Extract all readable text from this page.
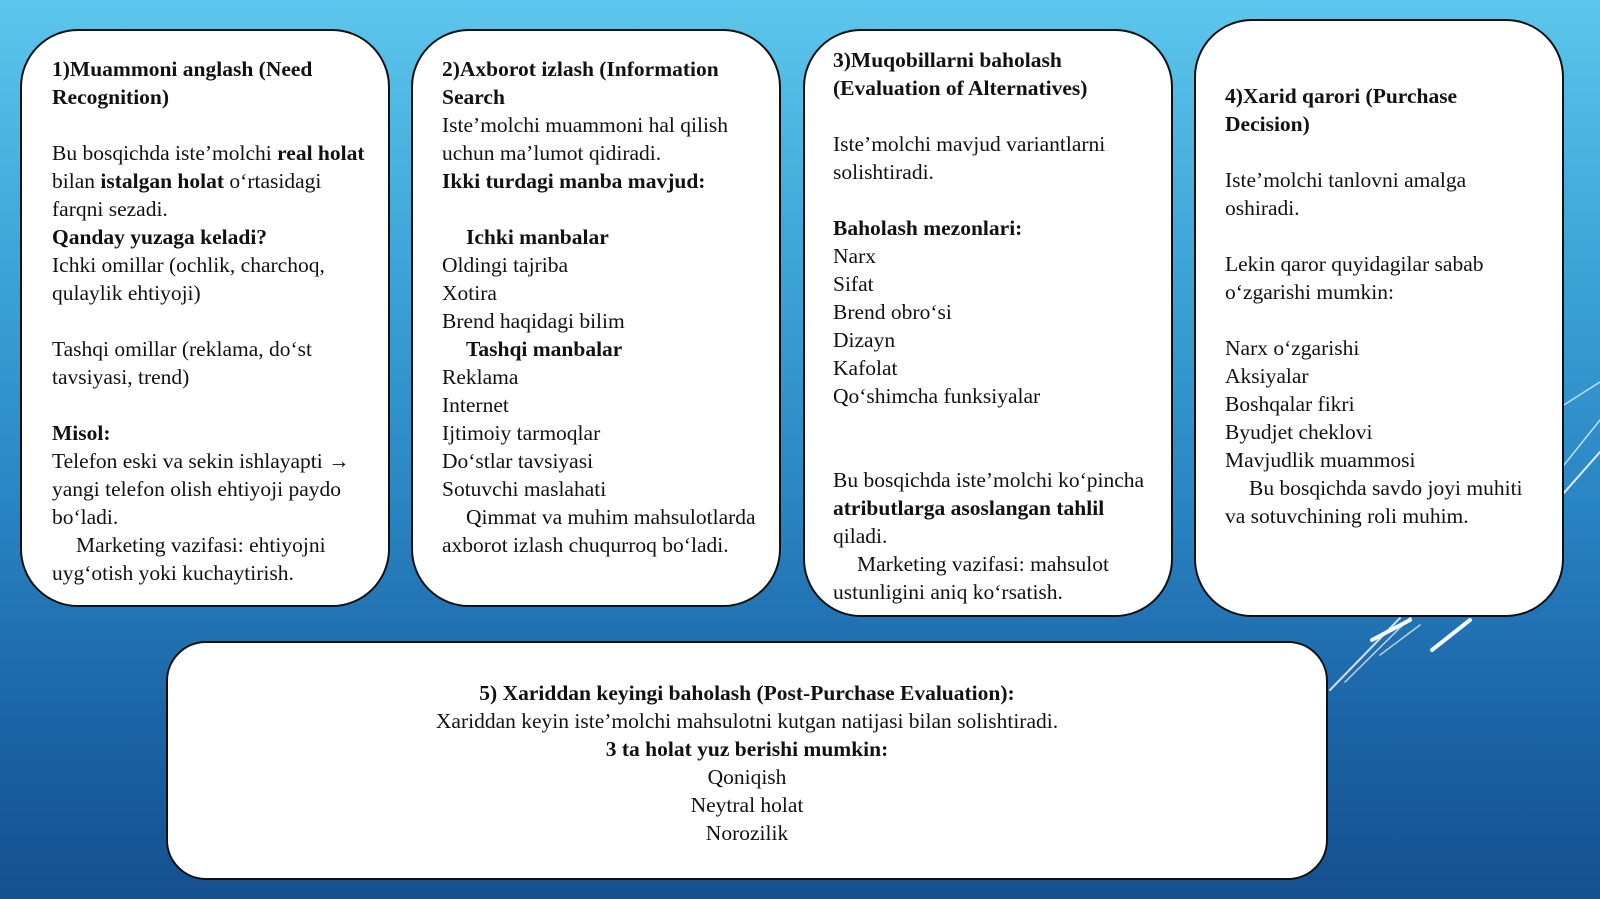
1)Muammoni anglash (Need Recognition)
Bu bosqichda iste’molchi real holat bilan istalgan holat o‘rtasidagi farqni sezadi.
Qanday yuzaga keladi?
Ichki omillar (ochlik, charchoq, qulaylik ehtiyoji)
Tashqi omillar (reklama, do‘st tavsiyasi, trend)
Misol:
Telefon eski va sekin ishlayapti → yangi telefon olish ehtiyoji paydo bo‘ladi.
Marketing vazifasi: ehtiyojni uyg‘otish yoki kuchaytirish.
2)Axborot izlash (Information Search
Iste’molchi muammoni hal qilish uchun ma’lumot qidiradi.
Ikki turdagi manba mavjud:
Ichki manbalar
Oldingi tajriba
Xotira
Brend haqidagi bilim
Tashqi manbalar
Reklama
Internet
Ijtimoiy tarmoqlar
Do‘stlar tavsiyasi
Sotuvchi maslahati
Qimmat va muhim mahsulotlarda axborot izlash chuqurroq bo‘ladi.
3)Muqobillarni baholash (Evaluation of Alternatives)
Iste’molchi mavjud variantlarni solishtiradi.
Baholash mezonlari:
Narx
Sifat
Brend obro‘si
Dizayn
Kafolat
Qo‘shimcha funksiyalar
Bu bosqichda iste’molchi ko‘pincha atributlarga asoslangan tahlil qiladi.
Marketing vazifasi: mahsulot ustunligini aniq ko‘rsatish.
4)Xarid qarori (Purchase Decision)
Iste’molchi tanlovni amalga oshiradi.
Lekin qaror quyidagilar sabab o‘zgarishi mumkin:
Narx o‘zgarishi
Aksiyalar
Boshqalar fikri
Byudjet cheklovi
Mavjudlik muammosi
Bu bosqichda savdo joyi muhiti va sotuvchining roli muhim.
5) Xariddan keyingi baholash (Post-Purchase Evaluation):
Xariddan keyin iste’molchi mahsulotni kutgan natijasi bilan solishtiradi.
3 ta holat yuz berishi mumkin:
Qoniqish
Neytral holat
Norozilik
